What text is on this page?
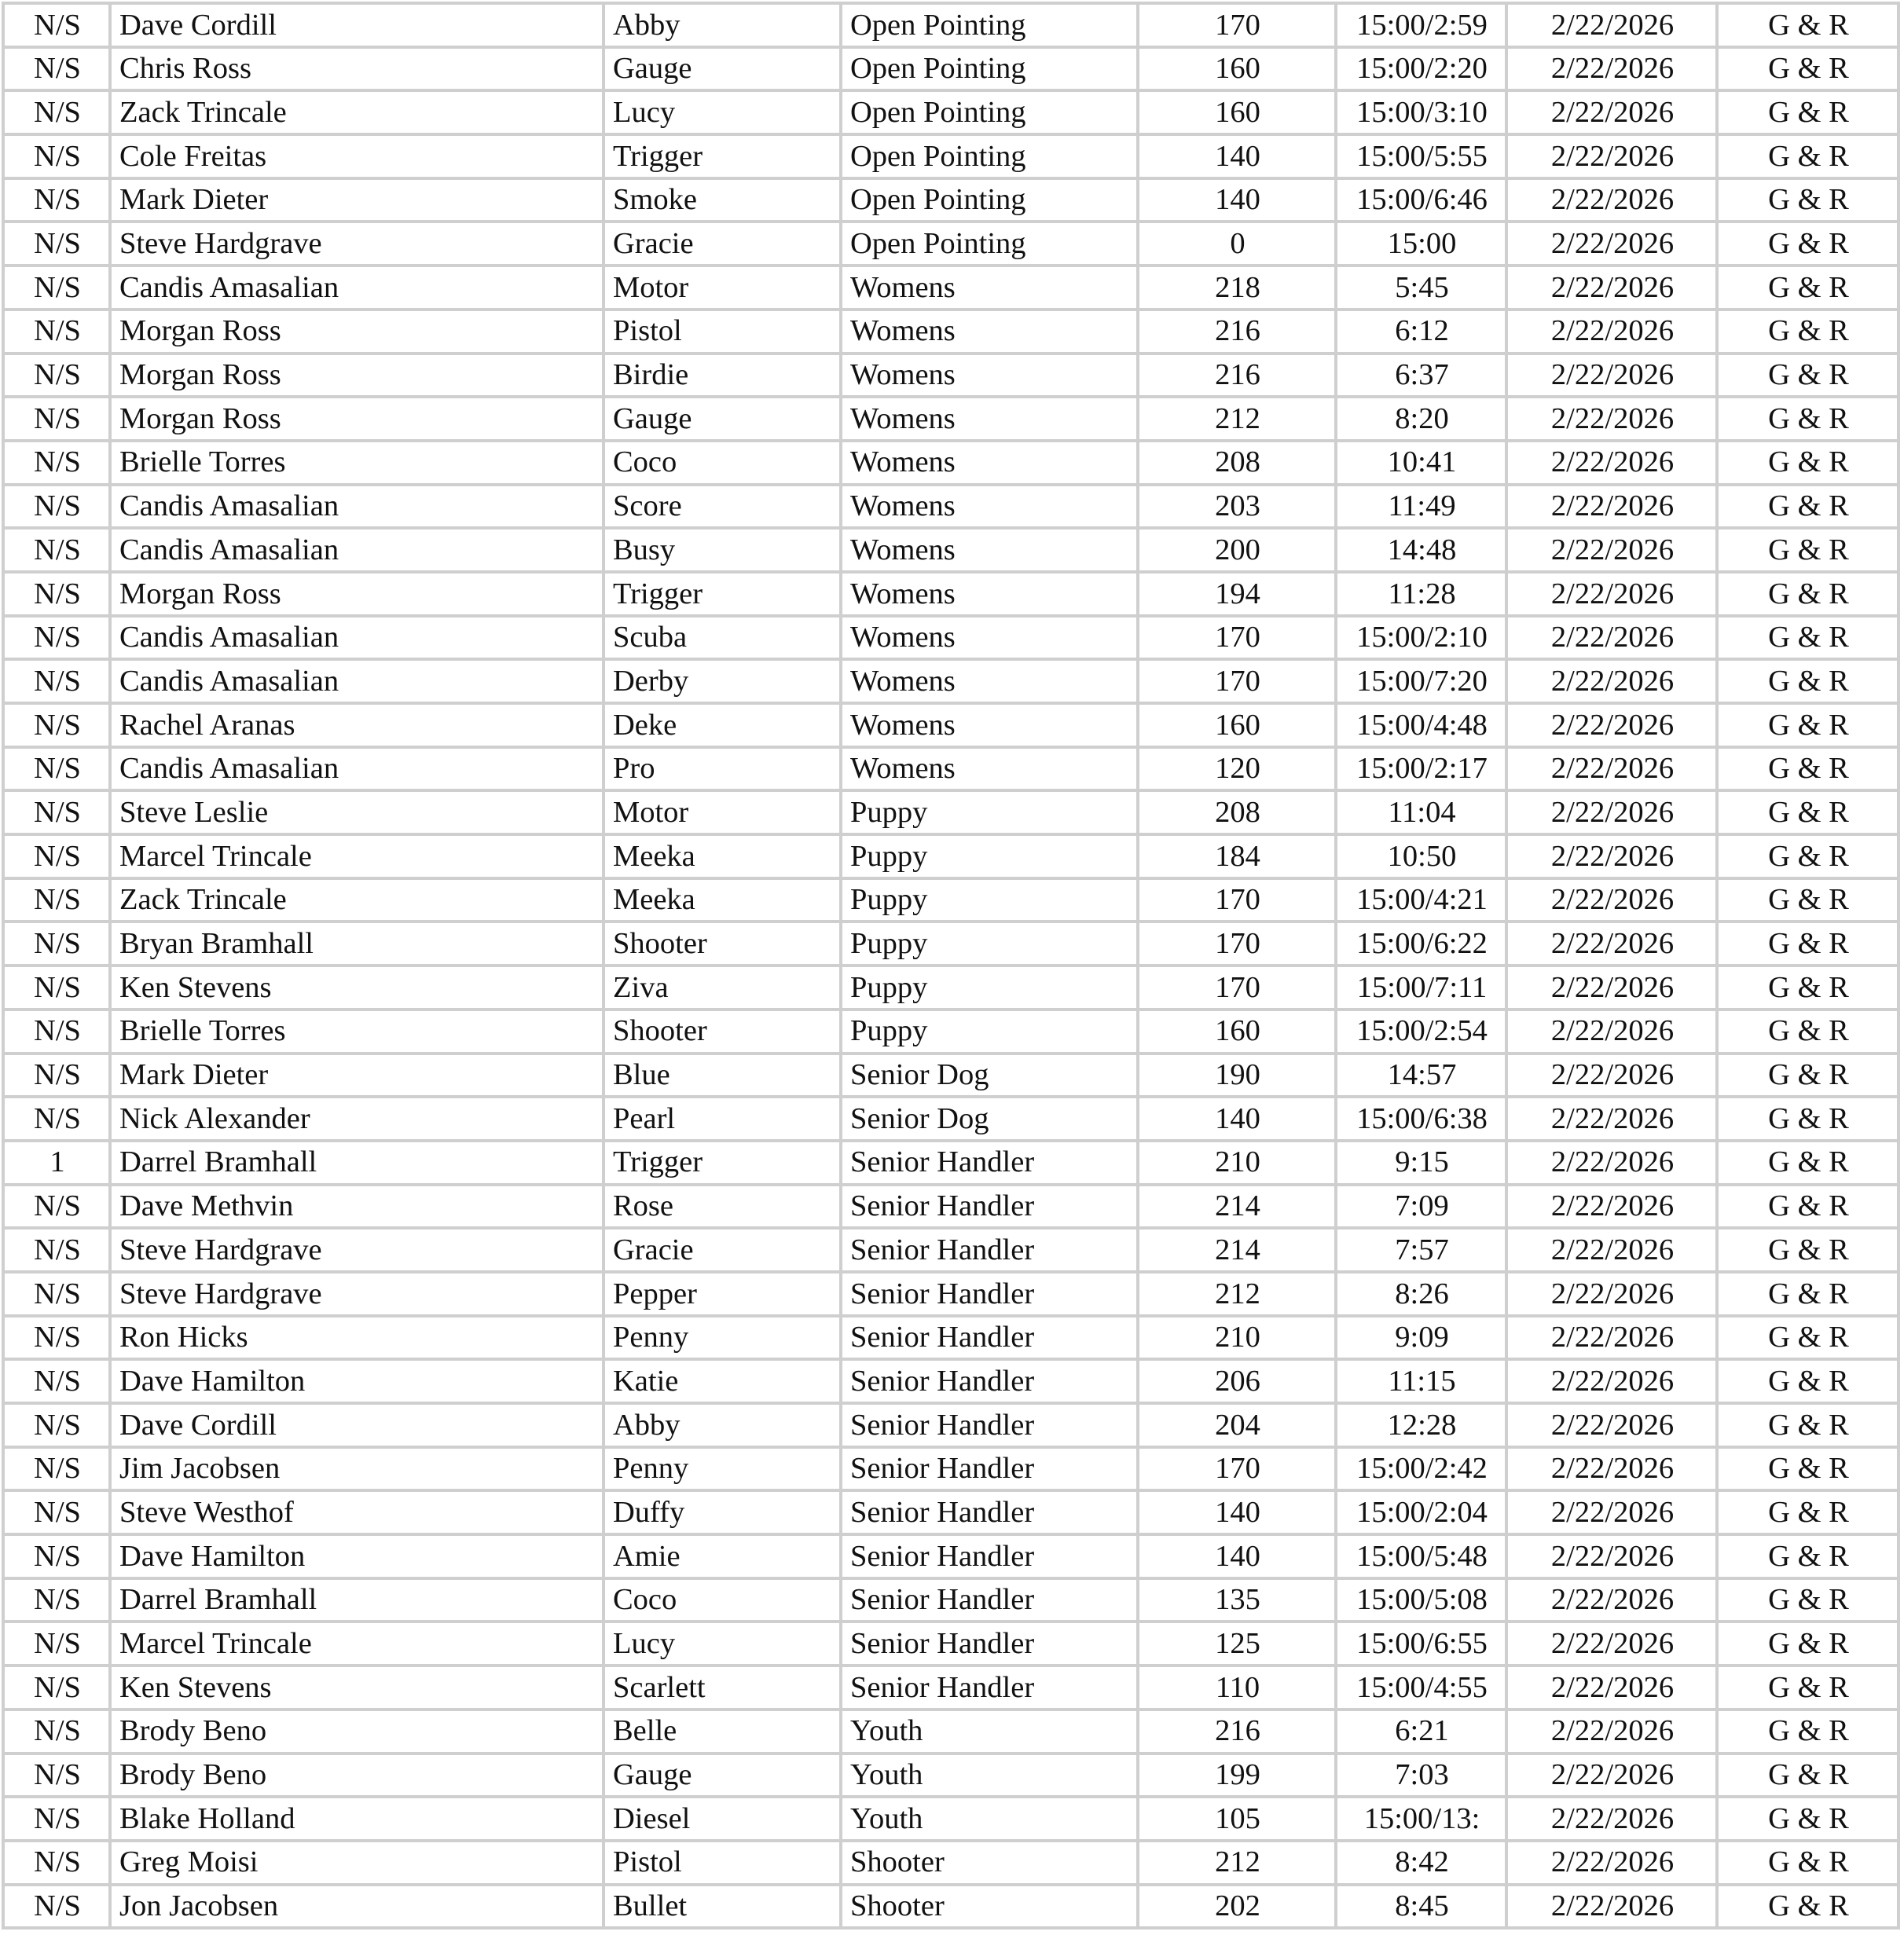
N/S	Dave Cordill	Abby	Open Pointing	170	15:00/2:59	2/22/2026	G & R
N/S	Chris Ross	Gauge	Open Pointing	160	15:00/2:20	2/22/2026	G & R
N/S	Zack Trincale	Lucy	Open Pointing	160	15:00/3:10	2/22/2026	G & R
N/S	Cole Freitas	Trigger	Open Pointing	140	15:00/5:55	2/22/2026	G & R
N/S	Mark Dieter	Smoke	Open Pointing	140	15:00/6:46	2/22/2026	G & R
N/S	Steve Hardgrave	Gracie	Open Pointing	0	15:00	2/22/2026	G & R
N/S	Candis Amasalian	Motor	Womens	218	5:45	2/22/2026	G & R
N/S	Morgan Ross	Pistol	Womens	216	6:12	2/22/2026	G & R
N/S	Morgan Ross	Birdie	Womens	216	6:37	2/22/2026	G & R
N/S	Morgan Ross	Gauge	Womens	212	8:20	2/22/2026	G & R
N/S	Brielle Torres	Coco	Womens	208	10:41	2/22/2026	G & R
N/S	Candis Amasalian	Score	Womens	203	11:49	2/22/2026	G & R
N/S	Candis Amasalian	Busy	Womens	200	14:48	2/22/2026	G & R
N/S	Morgan Ross	Trigger	Womens	194	11:28	2/22/2026	G & R
N/S	Candis Amasalian	Scuba	Womens	170	15:00/2:10	2/22/2026	G & R
N/S	Candis Amasalian	Derby	Womens	170	15:00/7:20	2/22/2026	G & R
N/S	Rachel Aranas	Deke	Womens	160	15:00/4:48	2/22/2026	G & R
N/S	Candis Amasalian	Pro	Womens	120	15:00/2:17	2/22/2026	G & R
N/S	Steve Leslie	Motor	Puppy	208	11:04	2/22/2026	G & R
N/S	Marcel Trincale	Meeka	Puppy	184	10:50	2/22/2026	G & R
N/S	Zack Trincale	Meeka	Puppy	170	15:00/4:21	2/22/2026	G & R
N/S	Bryan Bramhall	Shooter	Puppy	170	15:00/6:22	2/22/2026	G & R
N/S	Ken Stevens	Ziva	Puppy	170	15:00/7:11	2/22/2026	G & R
N/S	Brielle Torres	Shooter	Puppy	160	15:00/2:54	2/22/2026	G & R
N/S	Mark Dieter	Blue	Senior Dog	190	14:57	2/22/2026	G & R
N/S	Nick Alexander	Pearl	Senior Dog	140	15:00/6:38	2/22/2026	G & R
1	Darrel Bramhall	Trigger	Senior Handler	210	9:15	2/22/2026	G & R
N/S	Dave Methvin	Rose	Senior Handler	214	7:09	2/22/2026	G & R
N/S	Steve Hardgrave	Gracie	Senior Handler	214	7:57	2/22/2026	G & R
N/S	Steve Hardgrave	Pepper	Senior Handler	212	8:26	2/22/2026	G & R
N/S	Ron Hicks	Penny	Senior Handler	210	9:09	2/22/2026	G & R
N/S	Dave Hamilton	Katie	Senior Handler	206	11:15	2/22/2026	G & R
N/S	Dave Cordill	Abby	Senior Handler	204	12:28	2/22/2026	G & R
N/S	Jim Jacobsen	Penny	Senior Handler	170	15:00/2:42	2/22/2026	G & R
N/S	Steve Westhof	Duffy	Senior Handler	140	15:00/2:04	2/22/2026	G & R
N/S	Dave Hamilton	Amie	Senior Handler	140	15:00/5:48	2/22/2026	G & R
N/S	Darrel Bramhall	Coco	Senior Handler	135	15:00/5:08	2/22/2026	G & R
N/S	Marcel Trincale	Lucy	Senior Handler	125	15:00/6:55	2/22/2026	G & R
N/S	Ken Stevens	Scarlett	Senior Handler	110	15:00/4:55	2/22/2026	G & R
N/S	Brody Beno	Belle	Youth	216	6:21	2/22/2026	G & R
N/S	Brody Beno	Gauge	Youth	199	7:03	2/22/2026	G & R
N/S	Blake Holland	Diesel	Youth	105	15:00/13:	2/22/2026	G & R
N/S	Greg Moisi	Pistol	Shooter	212	8:42	2/22/2026	G & R
N/S	Jon Jacobsen	Bullet	Shooter	202	8:45	2/22/2026	G & R
